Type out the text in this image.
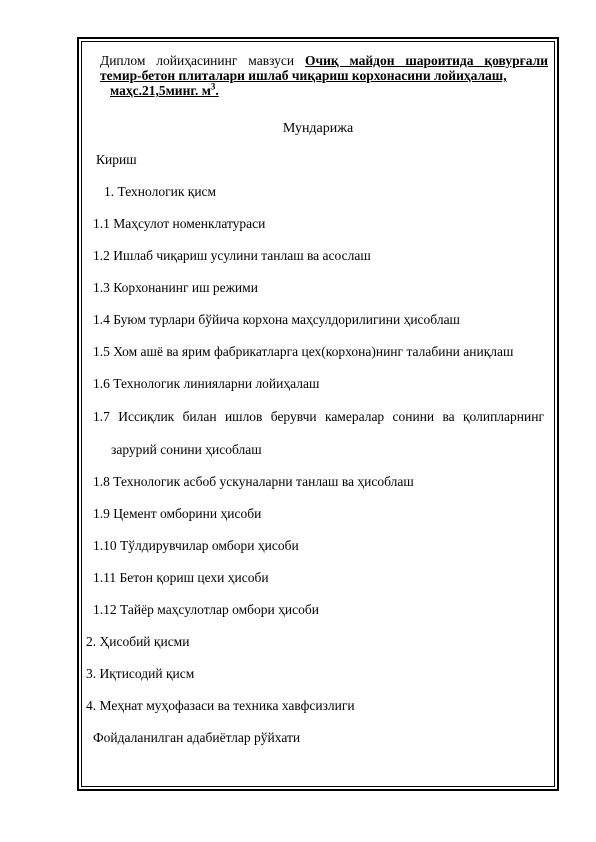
Диплом лойиҳасининг мавзуси Очиқ майдон шароитида қовурғали
темир-бетон плиталари ишлаб чиқариш корхонасини лойиҳалаш,
маҳс.21,5минг. $м^3$.
Мундарижа
Кириш
1. Технологик қисм
1.1 Маҳсулот номенклатураси
1.2 Ишлаб чиқариш усулини танлаш ва асослаш
1.3 Корхонанинг иш режими
1.4 Буюм турлари бўйича корхона маҳсулдорилигини ҳисоблаш
1.5 Хом ашё ва ярим фабрикатларга цех(корхона)нинг талабини аниқлаш
1.6 Технологик линияларни лойиҳалаш
1.7 Иссиқлик билан ишлов берувчи камералар сонини ва қолипларнинг
зарурий сонини ҳисоблаш
1.8 Технологик асбоб ускуналарни танлаш ва ҳисоблаш
1.9 Цемент омборини ҳисоби
1.10 Тўлдирувчилар омбори ҳисоби
1.11 Бетон қориш цехи ҳисоби
1.12 Тайёр маҳсулотлар омбори ҳисоби
2. Ҳисобий қисми
3. Иқтисодий қисм
4. Меҳнат муҳофазаси ва техника хавфсизлиги
Фойдаланилган адабиётлар рўйхати
